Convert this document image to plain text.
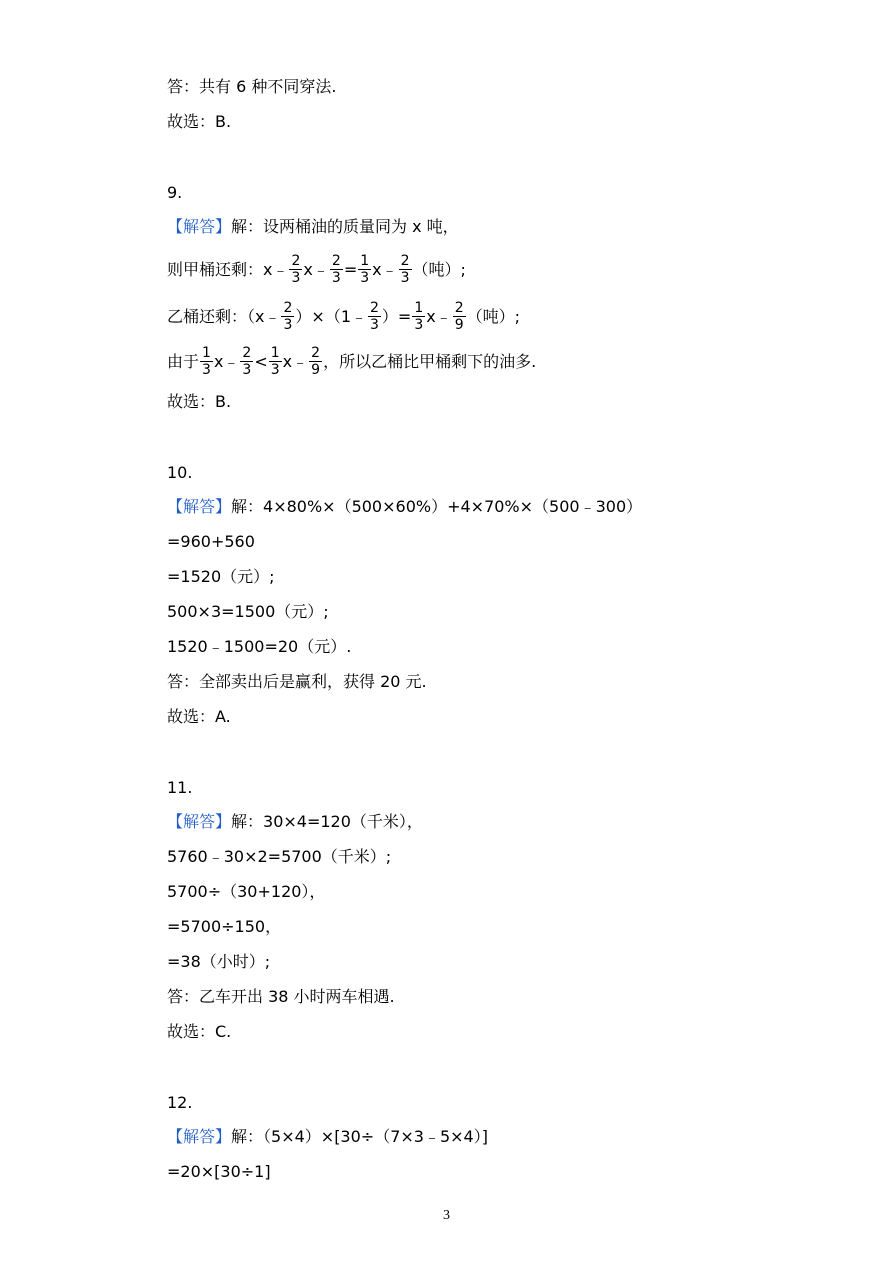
答：共有 6 种不同穿法.
故选：B.
9.
【解答】 解：设两桶油的质量同为 x 吨，
则甲桶还剩：x﹣ $\frac{2}{3}$ x﹣ $\frac{2}{3} = \frac{1}{3}$ x﹣ $\frac{2}{3}$ （吨）;
乙桶还剩：（x﹣ $\frac{2}{3}$ ）×（1﹣ $\frac{2}{3}$ ）= $\frac{1}{3}$ x﹣ $\frac{2}{9}$ （吨）;
由于 $\frac{1}{3}$ x﹣ $\frac{2}{3} < \frac{1}{3}$ x﹣ $\frac{2}{9}$ ，所以乙桶比甲桶剩下的油多.
故选：B.
10.
【解答】 解：4×80%×（500×60%）+4×70%×（500﹣300）
=960+560
=1520（元）;
500×3=1500（元）;
1520﹣1500=20（元）.
答：全部卖出后是赢利，获得 20 元.
故选：A.
11.
【解答】 解：30×4=120（千米），
5760﹣30×2=5700（千米）;
5700÷（30+120），
=5700÷150，
=38（小时）;
答：乙车开出 38 小时两车相遇.
故选：C.
12.
【解答】 解：（5×4）×[30÷（7×3﹣5×4）]
=20×[30÷1]
3
